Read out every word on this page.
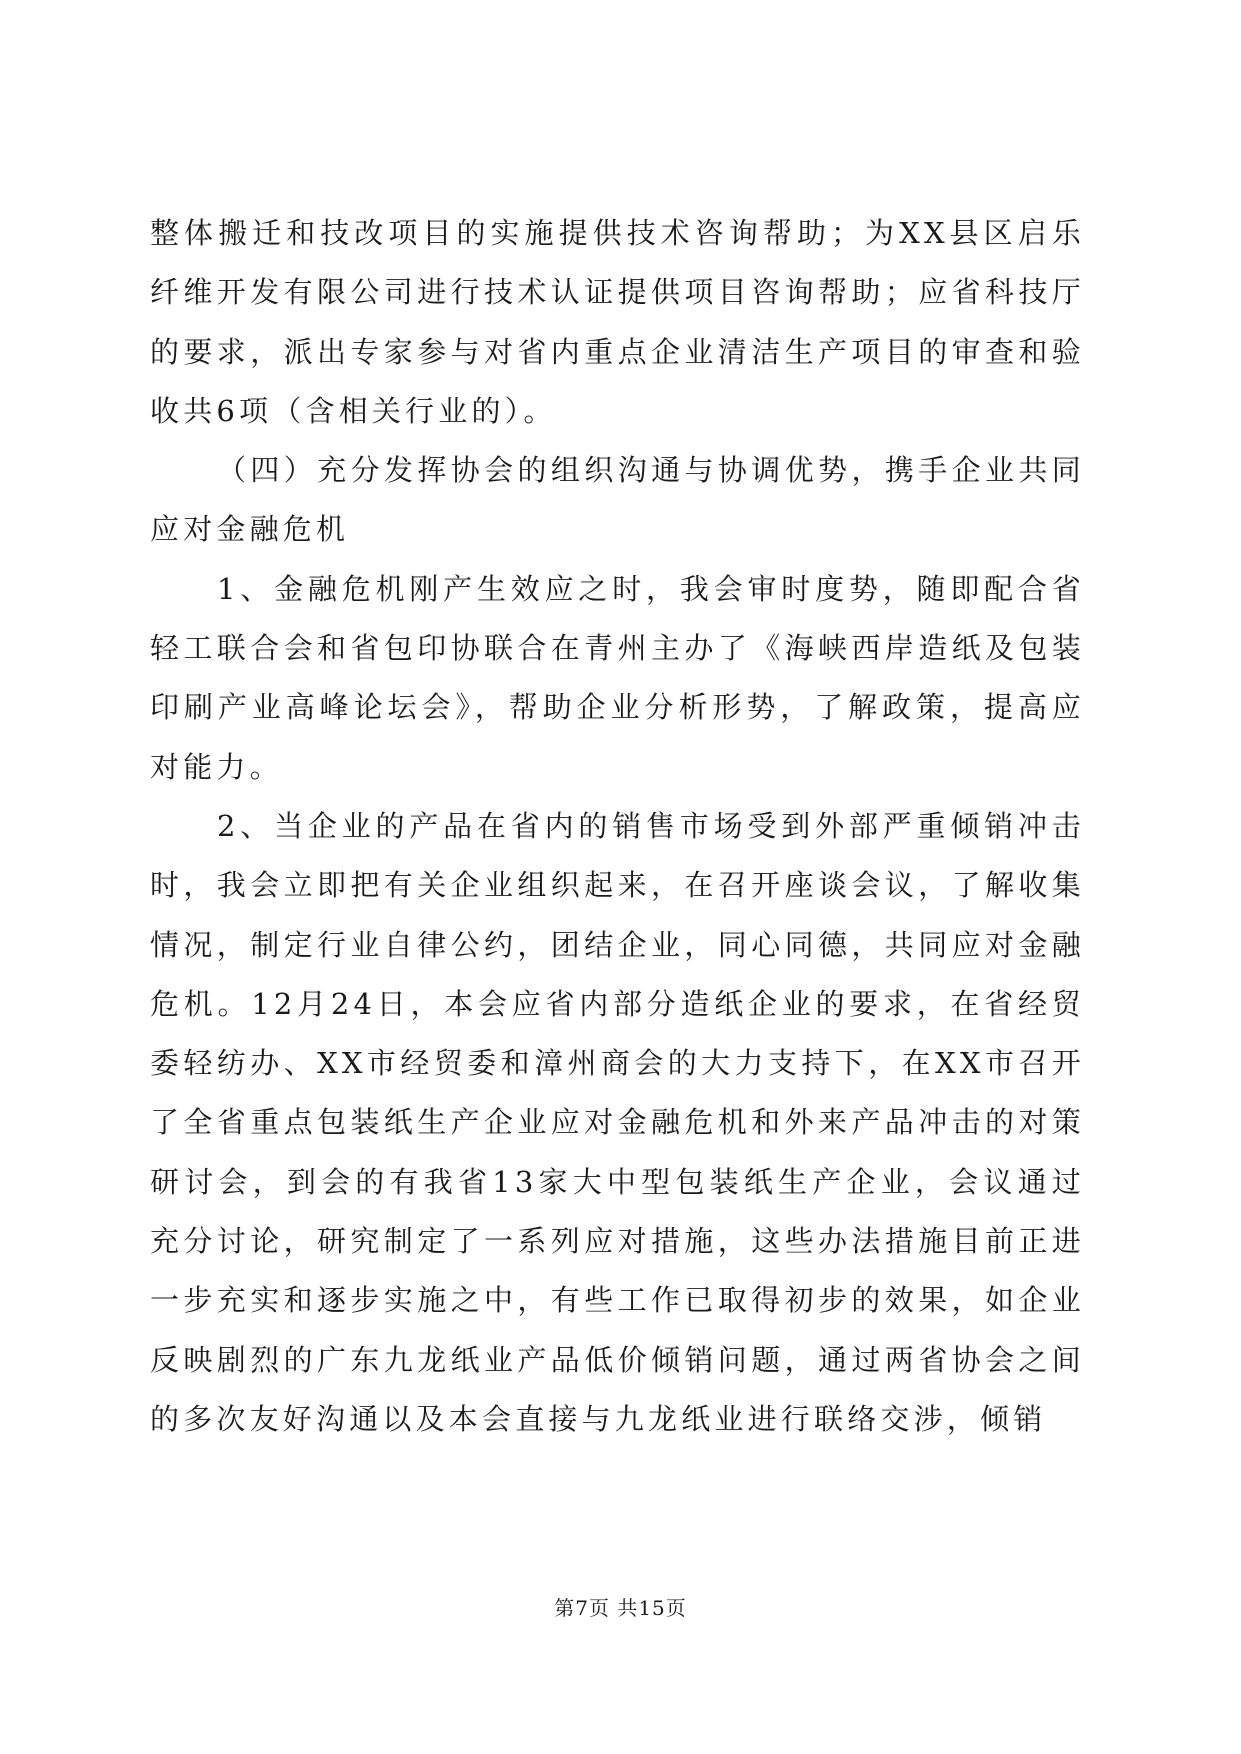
整体搬迁和技改项目的实施提供技术咨询帮助；为XX县区启乐纤维开发有限公司进行技术认证提供项目咨询帮助；应省科技厅的要求，派出专家参与对省内重点企业清洁生产项目的审查和验收共6项（含相关行业的）。

（四）充分发挥协会的组织沟通与协调优势，携手企业共同应对金融危机

1、金融危机刚产生效应之时，我会审时度势，随即配合省轻工联合会和省包印协联合在青州主办了《海峡西岸造纸及包装印刷产业高峰论坛会》，帮助企业分析形势，了解政策，提高应对能力。

2、当企业的产品在省内的销售市场受到外部严重倾销冲击时，我会立即把有关企业组织起来，在召开座谈会议，了解收集情况，制定行业自律公约，团结企业，同心同德，共同应对金融危机。12月24日，本会应省内部分造纸企业的要求，在省经贸委轻纺办、XX市经贸委和漳州商会的大力支持下，在XX市召开了全省重点包装纸生产企业应对金融危机和外来产品冲击的对策研讨会，到会的有我省13家大中型包装纸生产企业，会议通过充分讨论，研究制定了一系列应对措施，这些办法措施目前正进一步充实和逐步实施之中，有些工作已取得初步的效果，如企业反映剧烈的广东九龙纸业产品低价倾销问题，通过两省协会之间的多次友好沟通以及本会直接与九龙纸业进行联络交涉，倾销

第7页 共15页
